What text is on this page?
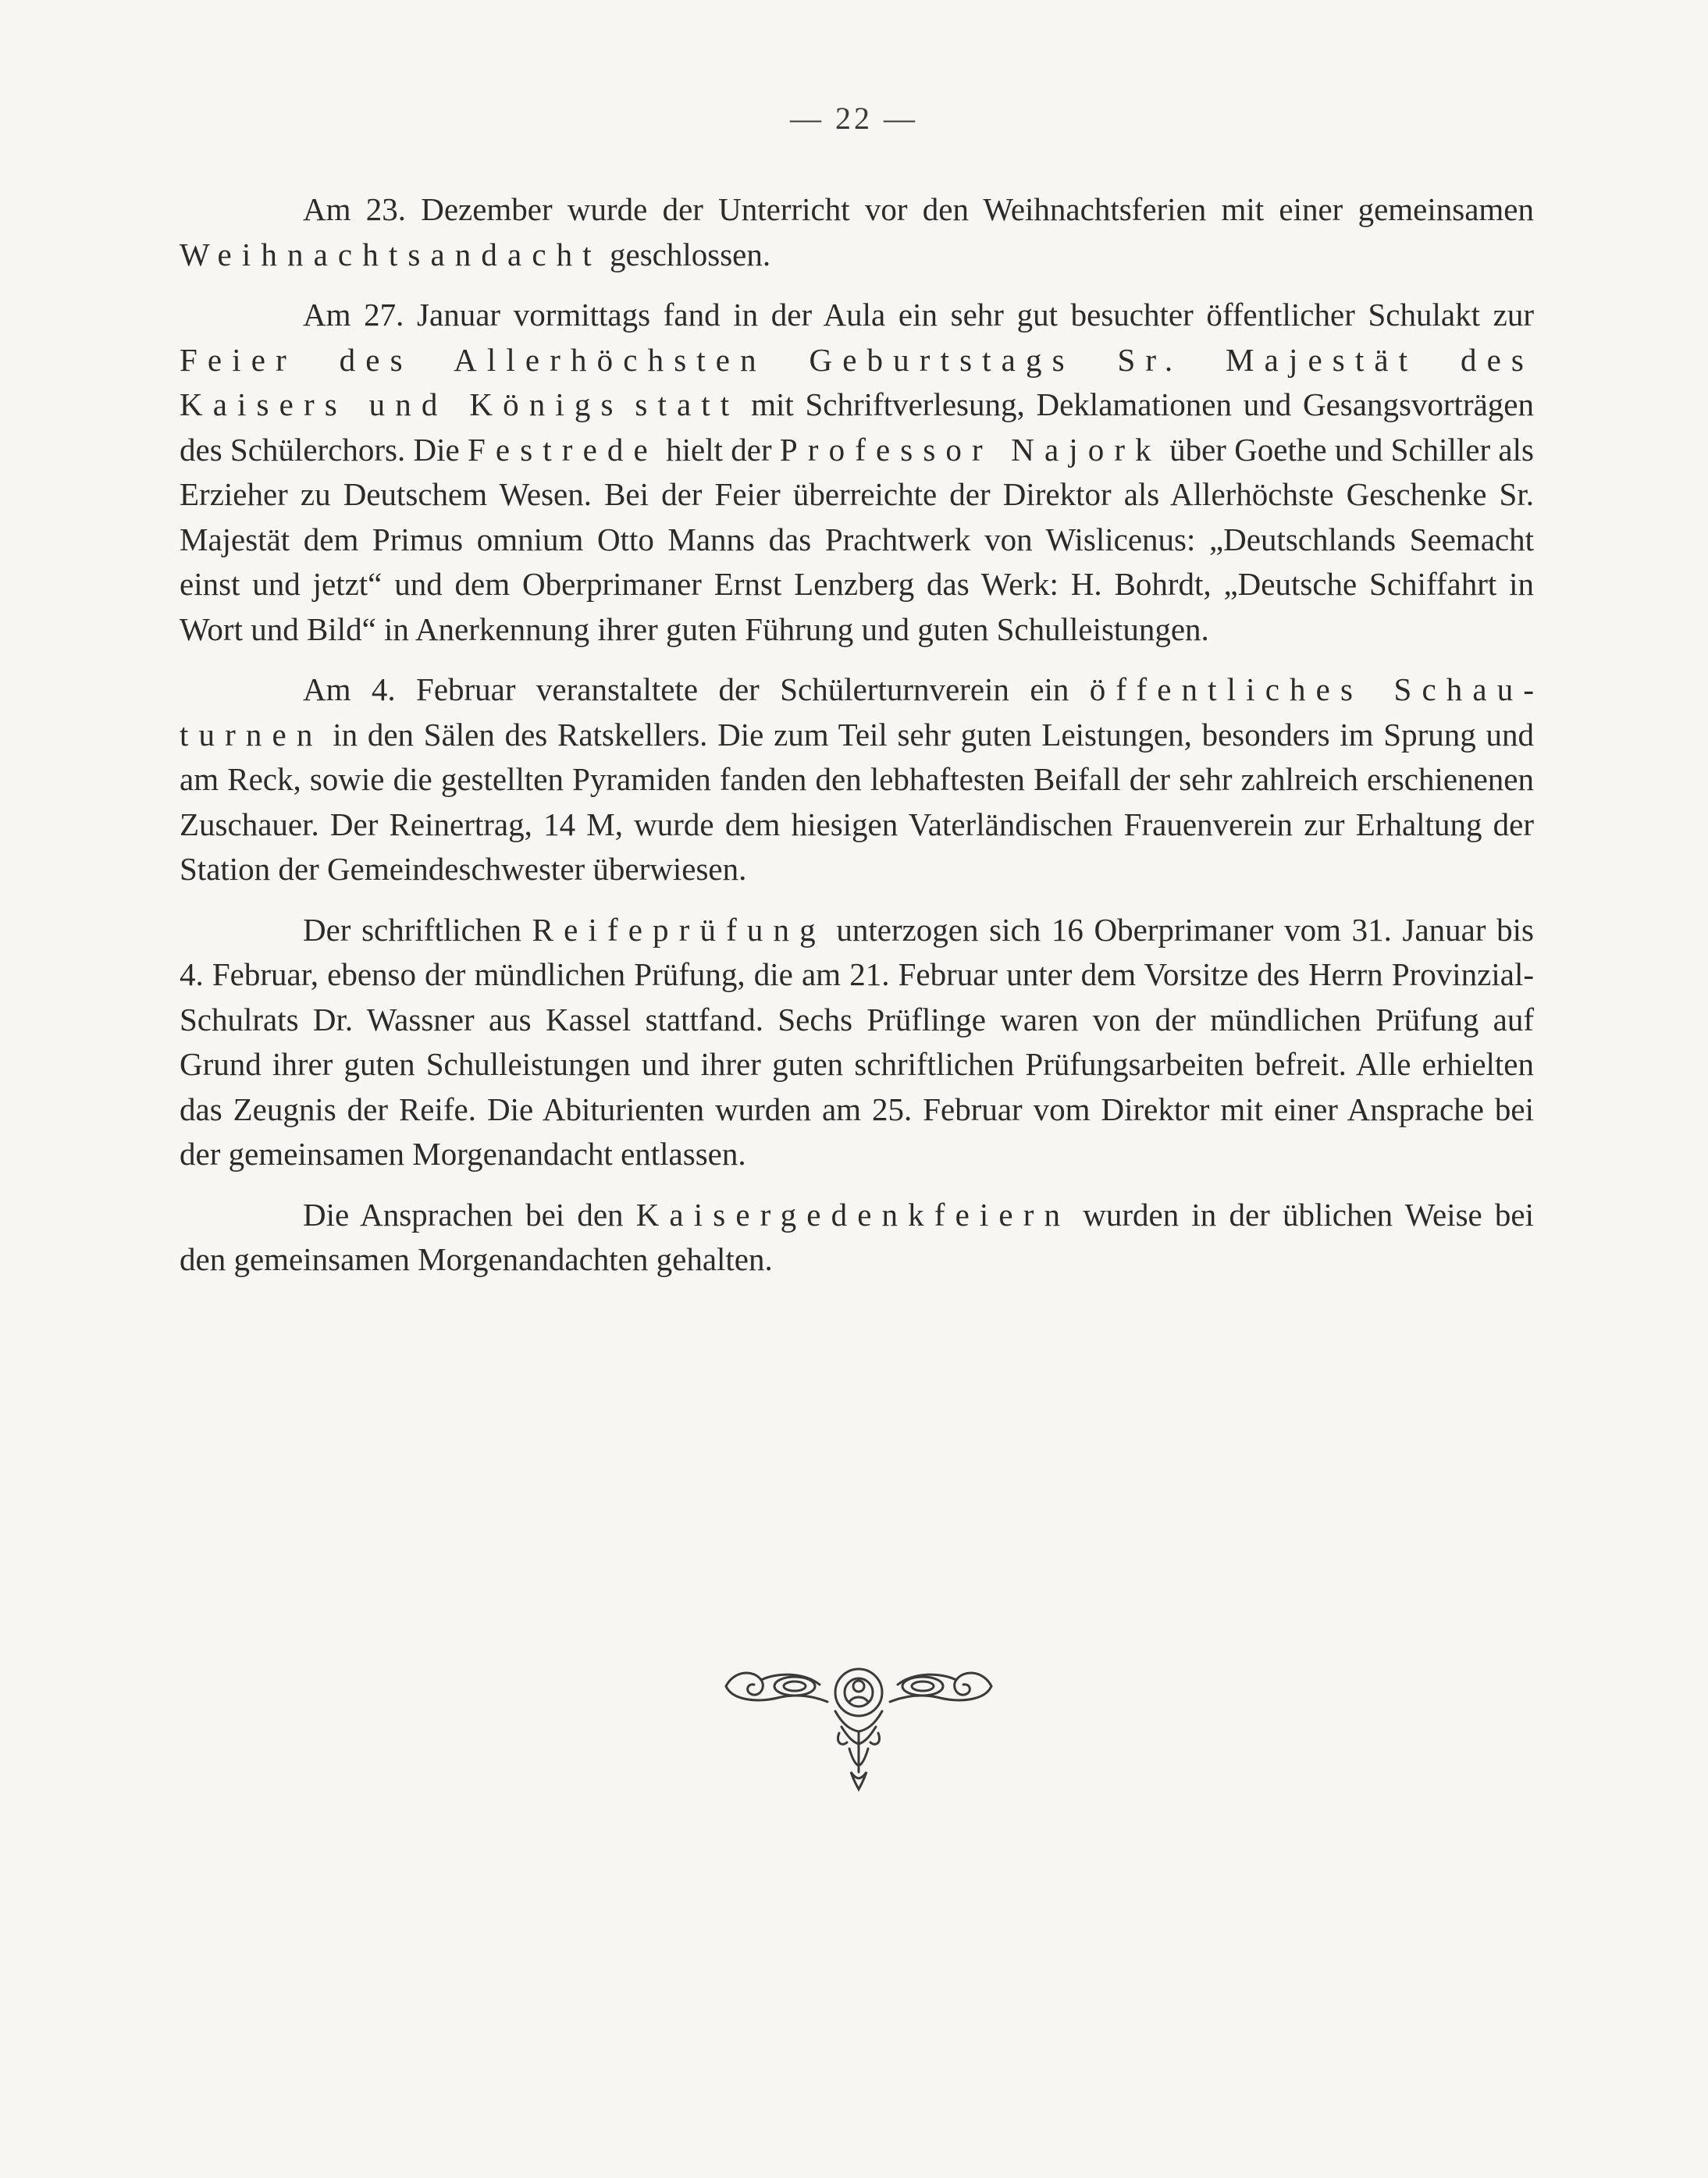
— 22 —

Am 23. Dezember wurde der Unterricht vor den Weihnachtsferien mit einer gemeinsamen Weihnachtsandacht geschlossen.

Am 27. Januar vormittags fand in der Aula ein sehr gut besuchter öffentlicher Schulakt zur Feier des Allerhöchsten Geburtstags Sr. Majestät des Kaisers und Königs statt mit Schriftverlesung, Deklamationen und Gesangsvorträgen des Schülerchors. Die Festrede hielt der Professor Najork über Goethe und Schiller als Erzieher zu Deutschem Wesen. Bei der Feier überreichte der Direktor als Allerhöchste Geschenke Sr. Majestät dem Primus omnium Otto Manns das Prachtwerk von Wislicenus: „Deutschlands Seemacht einst und jetzt“ und dem Oberprimaner Ernst Lenzberg das Werk: H. Bohrdt, „Deutsche Schiffahrt in Wort und Bild“ in Anerkennung ihrer guten Führung und guten Schulleistungen.

Am 4. Februar veranstaltete der Schülerturnverein ein öffentliches Schauturnen in den Sälen des Ratskellers. Die zum Teil sehr guten Leistungen, besonders im Sprung und am Reck, sowie die gestellten Pyramiden fanden den lebhaftesten Beifall der sehr zahlreich erschienenen Zuschauer. Der Reinertrag, 14 M, wurde dem hiesigen Vaterländischen Frauenverein zur Erhaltung der Station der Gemeindeschwester überwiesen.

Der schriftlichen Reifeprüfung unterzogen sich 16 Oberprimaner vom 31. Januar bis 4. Februar, ebenso der mündlichen Prüfung, die am 21. Februar unter dem Vorsitze des Herrn Provinzial-Schulrats Dr. Wassner aus Kassel stattfand. Sechs Prüflinge waren von der mündlichen Prüfung auf Grund ihrer guten Schulleistungen und ihrer guten schriftlichen Prüfungsarbeiten befreit. Alle erhielten das Zeugnis der Reife. Die Abiturienten wurden am 25. Februar vom Direktor mit einer Ansprache bei der gemeinsamen Morgenandacht entlassen.

Die Ansprachen bei den Kaisergedenkfeiern wurden in der üblichen Weise bei den gemeinsamen Morgenandachten gehalten.
